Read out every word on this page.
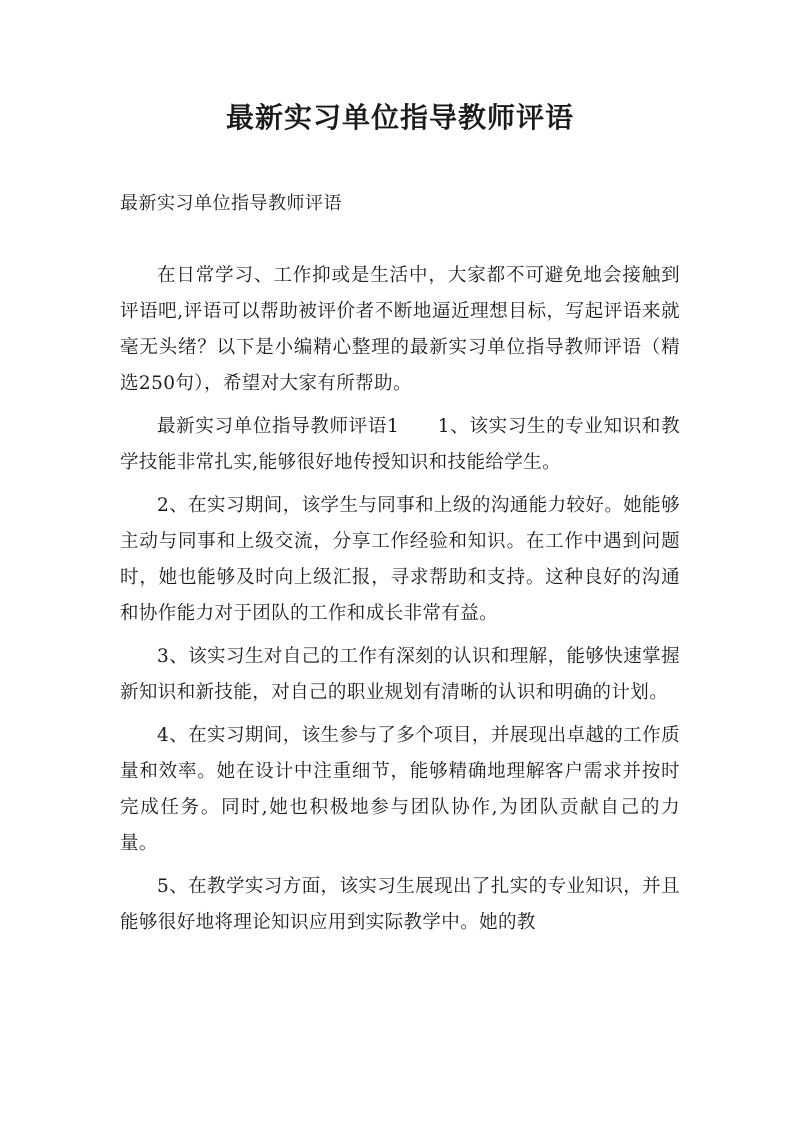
最新实习单位指导教师评语

最新实习单位指导教师评语

在日常学习、工作抑或是生活中，大家都不可避免地会接触到评语吧,评语可以帮助被评价者不断地逼近理想目标，写起评语来就毫无头绪？以下是小编精心整理的最新实习单位指导教师评语（精选250句），希望对大家有所帮助。

最新实习单位指导教师评语1　　1、该实习生的专业知识和教学技能非常扎实,能够很好地传授知识和技能给学生。

2、在实习期间，该学生与同事和上级的沟通能力较好。她能够主动与同事和上级交流，分享工作经验和知识。在工作中遇到问题时，她也能够及时向上级汇报，寻求帮助和支持。这种良好的沟通和协作能力对于团队的工作和成长非常有益。

3、该实习生对自己的工作有深刻的认识和理解，能够快速掌握新知识和新技能，对自己的职业规划有清晰的认识和明确的计划。

4、在实习期间，该生参与了多个项目，并展现出卓越的工作质量和效率。她在设计中注重细节，能够精确地理解客户需求并按时完成任务。同时,她也积极地参与团队协作,为团队贡献自己的力量。

5、在教学实习方面，该实习生展现出了扎实的专业知识，并且能够很好地将理论知识应用到实际教学中。她的教
